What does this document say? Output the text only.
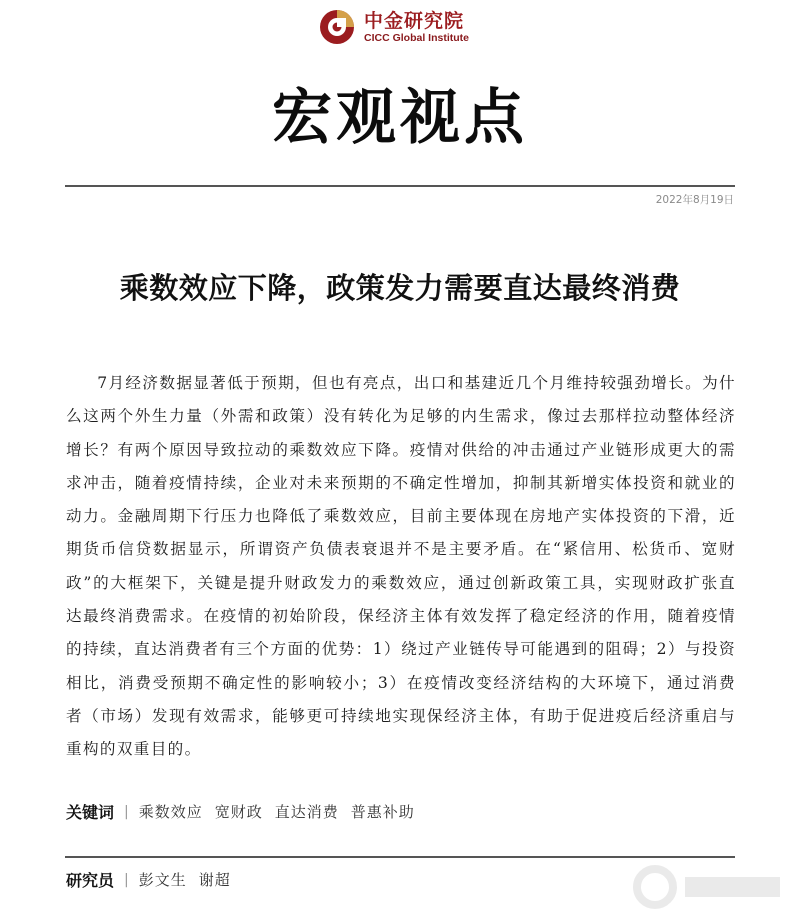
中金研究院
CICC Global Institute
宏观视点
2022年8月19日
乘数效应下降，政策发力需要直达最终消费

7月经济数据显著低于预期，但也有亮点，出口和基建近几个月维持较强劲增长。为什么这两个外生力量（外需和政策）没有转化为足够的内生需求，像过去那样拉动整体经济增长？有两个原因导致拉动的乘数效应下降。疫情对供给的冲击通过产业链形成更大的需求冲击，随着疫情持续，企业对未来预期的不确定性增加，抑制其新增实体投资和就业的动力。金融周期下行压力也降低了乘数效应，目前主要体现在房地产实体投资的下滑，近期货币信贷数据显示，所谓资产负债表衰退并不是主要矛盾。在“紧信用、松货币、宽财政”的大框架下，关键是提升财政发力的乘数效应，通过创新政策工具，实现财政扩张直达最终消费需求。在疫情的初始阶段，保经济主体有效发挥了稳定经济的作用，随着疫情的持续，直达消费者有三个方面的优势：1）绕过产业链传导可能遇到的阻碍；2）与投资相比，消费受预期不确定性的影响较小；3）在疫情改变经济结构的大环境下，通过消费者（市场）发现有效需求，能够更可持续地实现保经济主体，有助于促进疫后经济重启与重构的双重目的。

关键词 | 乘数效应 宽财政 直达消费 普惠补助
研究员 | 彭文生 谢超
